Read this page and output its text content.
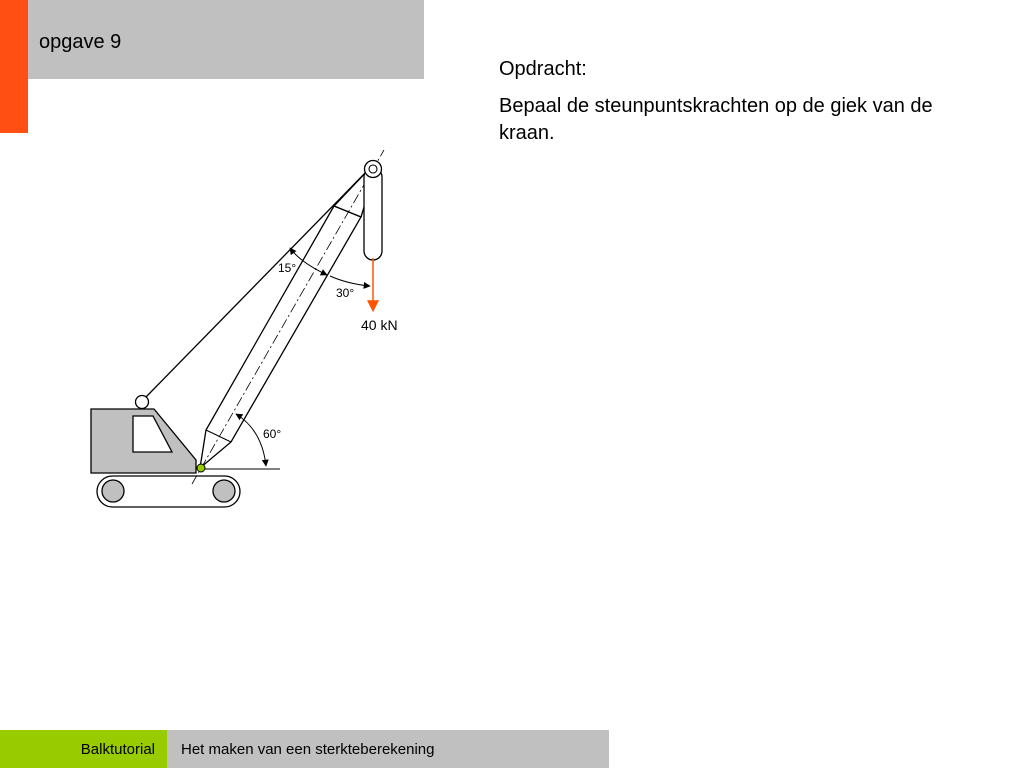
opgave 9

Opdracht:

Bepaal de steunpuntskrachten op de giek van de kraan.

40 kN
15°
30°
60°
Balktutorial Het maken van een sterkteberekening
